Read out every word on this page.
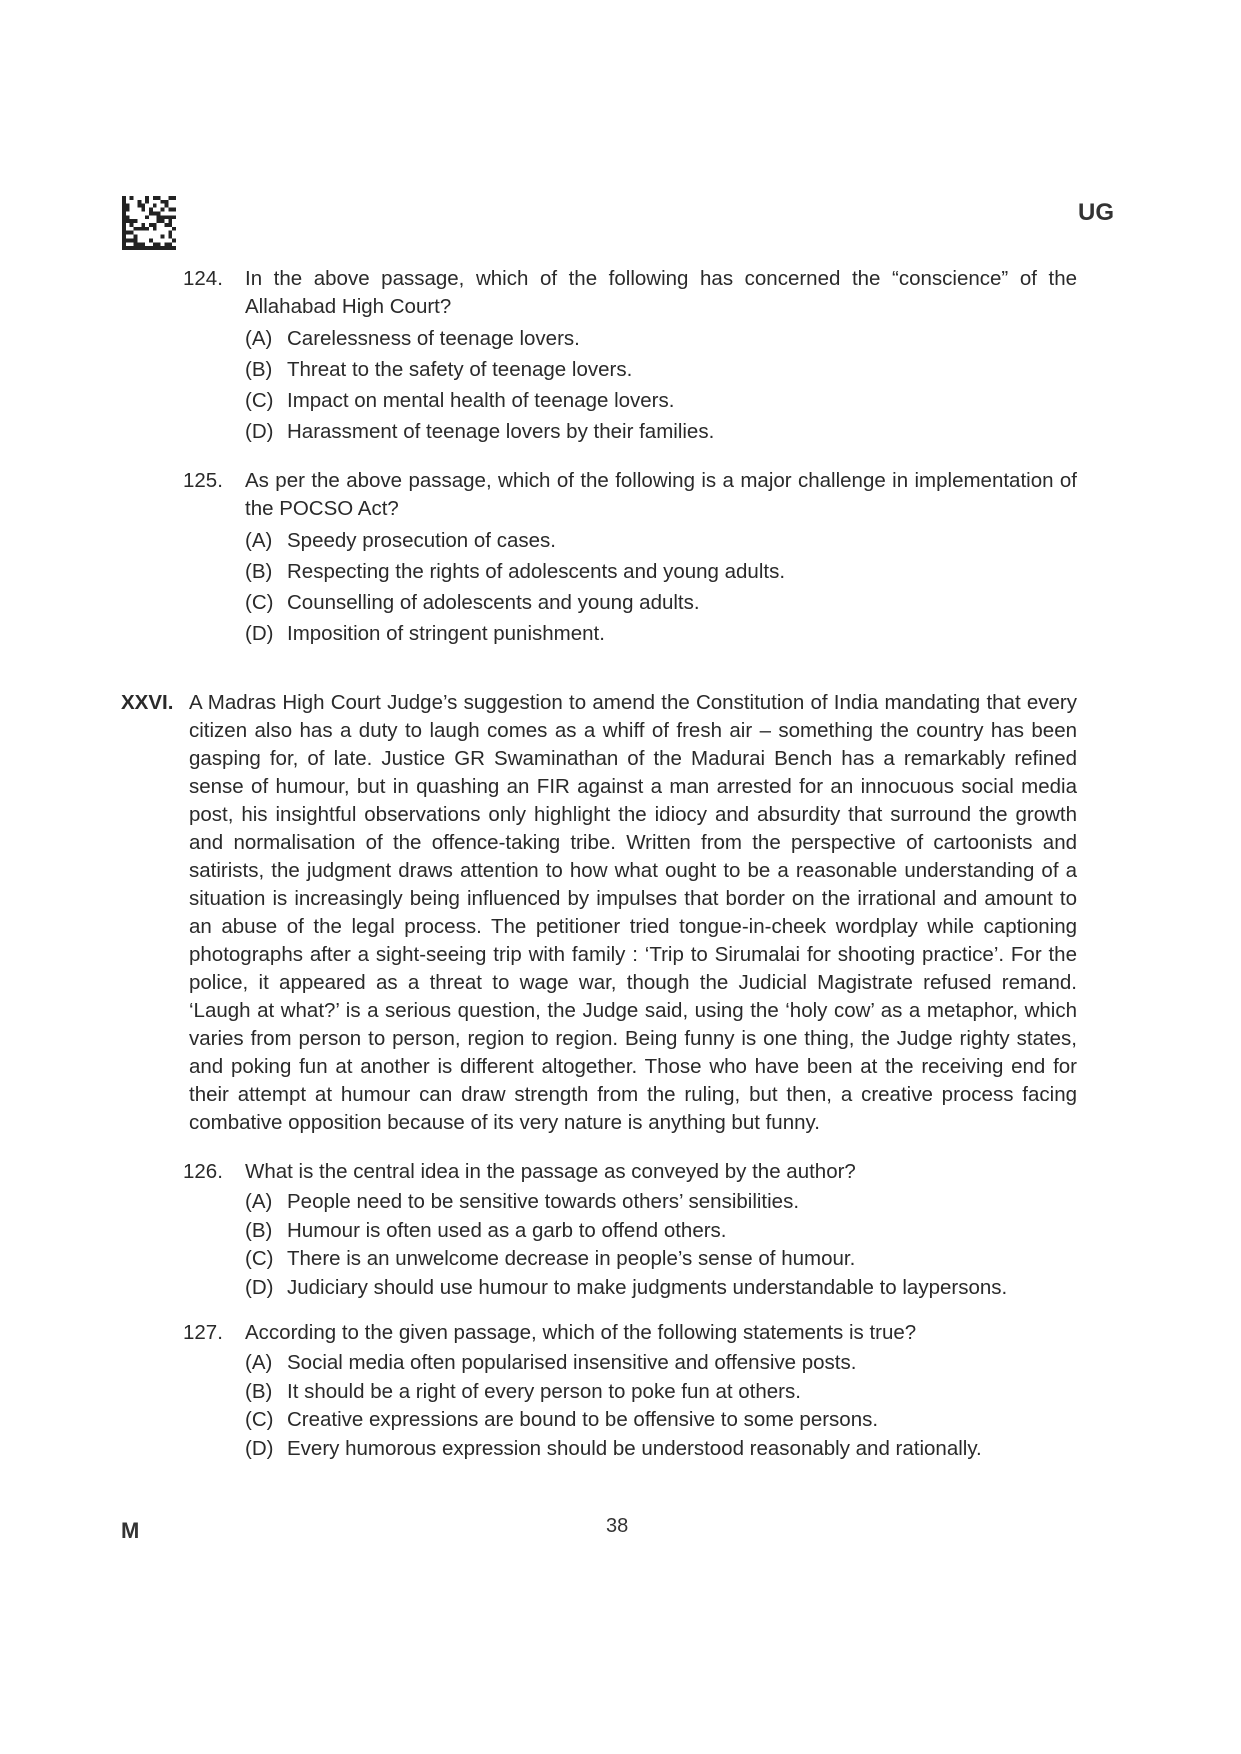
UG
124.	In the above passage, which of the following has concerned the “conscience” of the Allahabad High Court?
(A) Carelessness of teenage lovers.
(B) Threat to the safety of teenage lovers.
(C) Impact on mental health of teenage lovers.
(D) Harassment of teenage lovers by their families.
125.	As per the above passage, which of the following is a major challenge in implementation of the POCSO Act?
(A) Speedy prosecution of cases.
(B) Respecting the rights of adolescents and young adults.
(C) Counselling of adolescents and young adults.
(D) Imposition of stringent punishment.
XXVI. A Madras High Court Judge’s suggestion to amend the Constitution of India mandating that every citizen also has a duty to laugh comes as a whiff of fresh air – something the country has been gasping for, of late. Justice GR Swaminathan of the Madurai Bench has a remarkably refined sense of humour, but in quashing an FIR against a man arrested for an innocuous social media post, his insightful observations only highlight the idiocy and absurdity that surround the growth and normalisation of the offence-taking tribe. Written from the perspective of cartoonists and satirists, the judgment draws attention to how what ought to be a reasonable understanding of a situation is increasingly being influenced by impulses that border on the irrational and amount to an abuse of the legal process. The petitioner tried tongue-in-cheek wordplay while captioning photographs after a sight-seeing trip with family : ‘Trip to Sirumalai for shooting practice’. For the police, it appeared as a threat to wage war, though the Judicial Magistrate refused remand. ‘Laugh at what?’ is a serious question, the Judge said, using the ‘holy cow’ as a metaphor, which varies from person to person, region to region. Being funny is one thing, the Judge righty states, and poking fun at another is different altogether. Those who have been at the receiving end for their attempt at humour can draw strength from the ruling, but then, a creative process facing combative opposition because of its very nature is anything but funny.

126.	What is the central idea in the passage as conveyed by the author?
(A) People need to be sensitive towards others’ sensibilities.
(B) Humour is often used as a garb to offend others.
(C) There is an unwelcome decrease in people’s sense of humour.
(D) Judiciary should use humour to make judgments understandable to laypersons.
127.	According to the given passage, which of the following statements is true?
(A) Social media often popularised insensitive and offensive posts.
(B) It should be a right of every person to poke fun at others.
(C) Creative expressions are bound to be offensive to some persons.
(D) Every humorous expression should be understood reasonably and rationally.
M	38
